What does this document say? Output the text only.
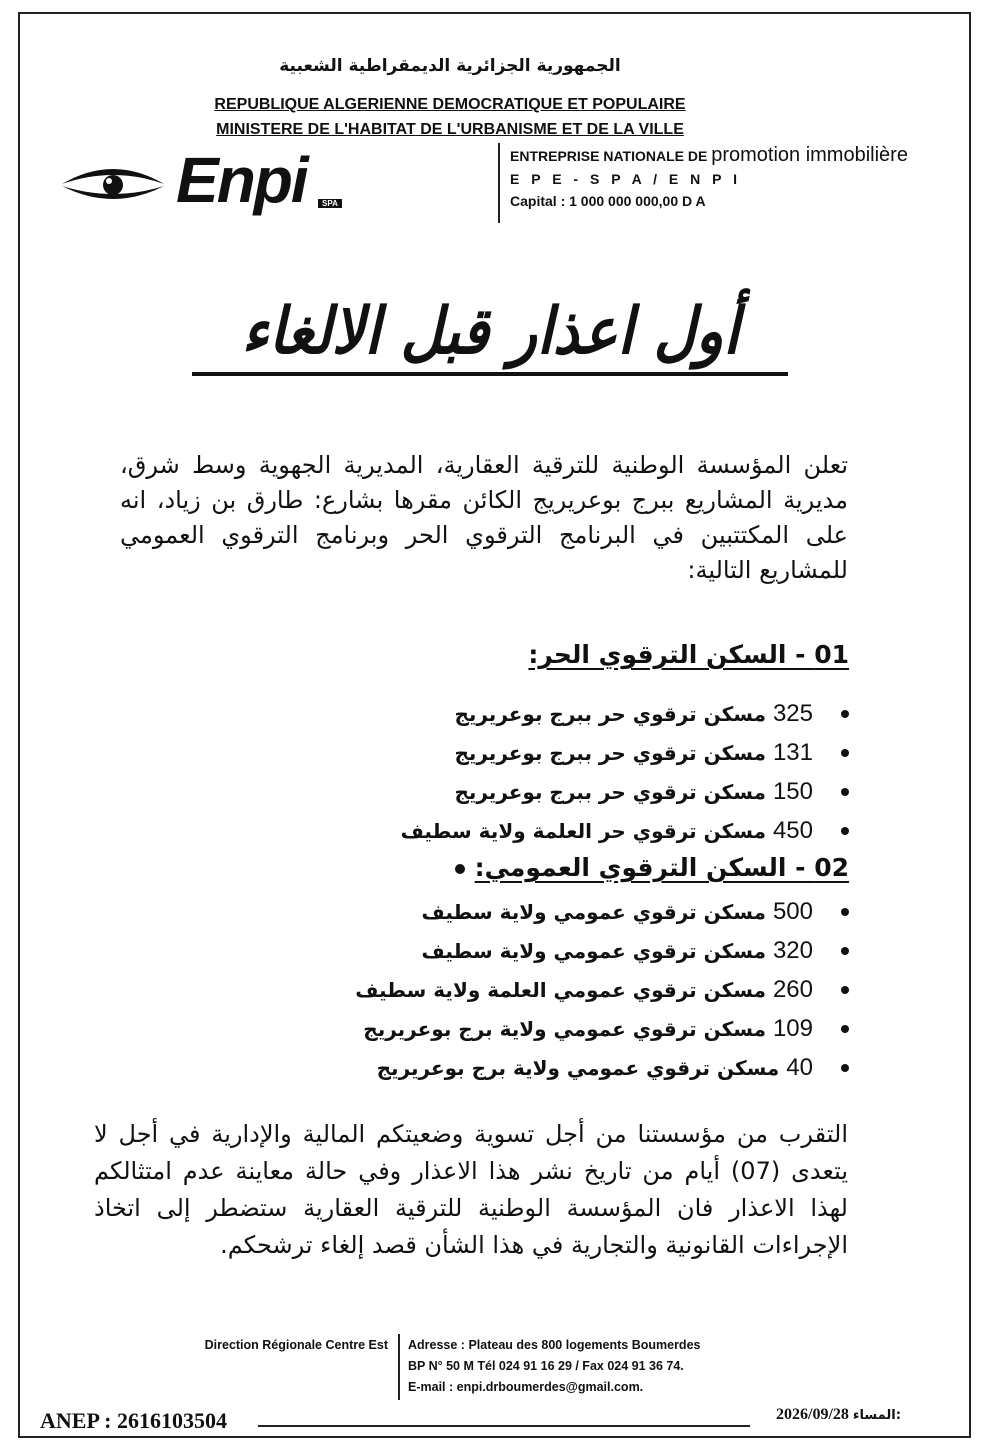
الجمهورية الجزائرية الديمقراطية الشعبية
REPUBLIQUE ALGERIENNE DEMOCRATIQUE ET POPULAIRE
MINISTERE DE L'HABITAT DE L'URBANISME ET DE LA VILLE
Enpi	SPA
ENTREPRISE NATIONALE DE promotion immobilière
E P E - S P A / E N P I
Capital : 1 000 000 000,00 D A
أول اعذار قبل الالغاء
تعلن المؤسسة الوطنية للترقية العقارية، المديرية الجهوية وسط شرق، مديرية المشاريع ببرج بوعريريج الكائن مقرها بشارع: طارق بن زياد، انه على المكتتبين في البرنامج الترقوي الحر وبرنامج الترقوي العمومي للمشاريع التالية:
01 - السكن الترقوي الحر:
325 مسكن ترقوي حر ببرج بوعريريج
131 مسكن ترقوي حر ببرج بوعريريج
150 مسكن ترقوي حر ببرج بوعريريج
450 مسكن ترقوي حر العلمة ولاية سطيف
02 - السكن الترقوي العمومي:
500 مسكن ترقوي عمومي ولاية سطيف
320 مسكن ترقوي عمومي ولاية سطيف
260 مسكن ترقوي عمومي العلمة ولاية سطيف
109 مسكن ترقوي عمومي ولاية برج بوعريريج
40 مسكن ترقوي عمومي ولاية برج بوعريريج
التقرب من مؤسستنا من أجل تسوية وضعيتكم المالية والإدارية في أجل لا يتعدى (07) أيام من تاريخ نشر هذا الاعذار وفي حالة معاينة عدم امتثالكم لهذا الاعذار فان المؤسسة الوطنية للترقية العقارية ستضطر إلى اتخاذ الإجراءات القانونية والتجارية في هذا الشأن قصد إلغاء ترشحكم.
Direction Régionale Centre Est Adresse : Plateau des 800 logements Boumerdes
BP N° 50 M Tél 024 91 16 29 / Fax 024 91 36 74.
E-mail : enpi.drboumerdes@gmail.com.
ANEP : 2616103504	2026/09/28 المساء:
